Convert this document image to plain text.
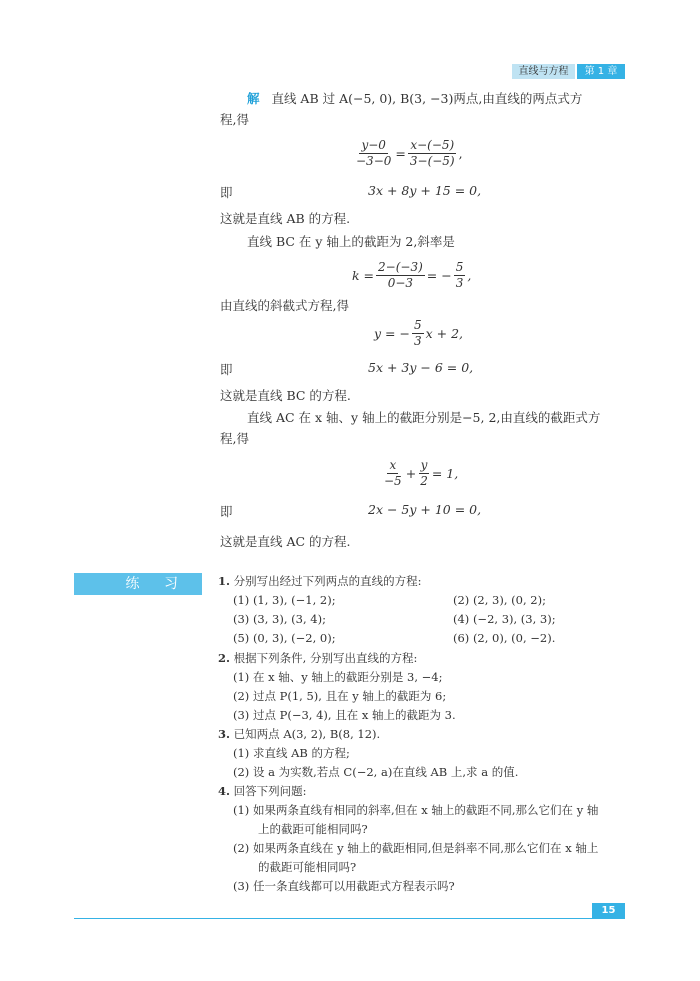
直线与方程	第 1 章
解 直线 AB 过 A(−5, 0), B(3, −3)两点,由直线的两点式方
程,得
$\frac{y-0}{-3-0} = \frac{x-(-5)}{3-(-5)}$ ,
即	3x + 8y + 15 = 0,
这就是直线 AB 的方程.
直线 BC 在 y 轴上的截距为 2,斜率是
$k = \frac{2-(-3)}{0-3}$ = − $\frac{5}{3}$ ,
由直线的斜截式方程,得
y = − $\frac{5}{3}$ x + 2,
即	5x + 3y − 6 = 0,
这就是直线 BC 的方程.
直线 AC 在 x 轴、y 轴上的截距分别是−5, 2,由直线的截距式方
程,得
$\frac{x}{-5} + \frac{y}{2} = 1$,
即	2x − 5y + 10 = 0,
这就是直线 AC 的方程.
练 习	1. 分别写出经过下列两点的直线的方程:
(1) (1, 3), (−1, 2);	(2) (2, 3), (0, 2);
(3) (3, 3), (3, 4);	(4) (−2, 3), (3, 3);
(5) (0, 3), (−2, 0);	(6) (2, 0), (0, −2).
2. 根据下列条件, 分别写出直线的方程:
(1) 在 x 轴、y 轴上的截距分别是 3, −4;
(2) 过点 P(1, 5), 且在 y 轴上的截距为 6;
(3) 过点 P(−3, 4), 且在 x 轴上的截距为 3.
3. 已知两点 A(3, 2), B(8, 12).
(1) 求直线 AB 的方程;
(2) 设 a 为实数,若点 C(−2, a)在直线 AB 上,求 a 的值.
4. 回答下列问题:
(1) 如果两条直线有相同的斜率,但在 x 轴上的截距不同,那么它们在 y 轴
上的截距可能相同吗?
(2) 如果两条直线在 y 轴上的截距相同,但是斜率不同,那么它们在 x 轴上
的截距可能相同吗?
(3) 任一条直线都可以用截距式方程表示吗?
15
